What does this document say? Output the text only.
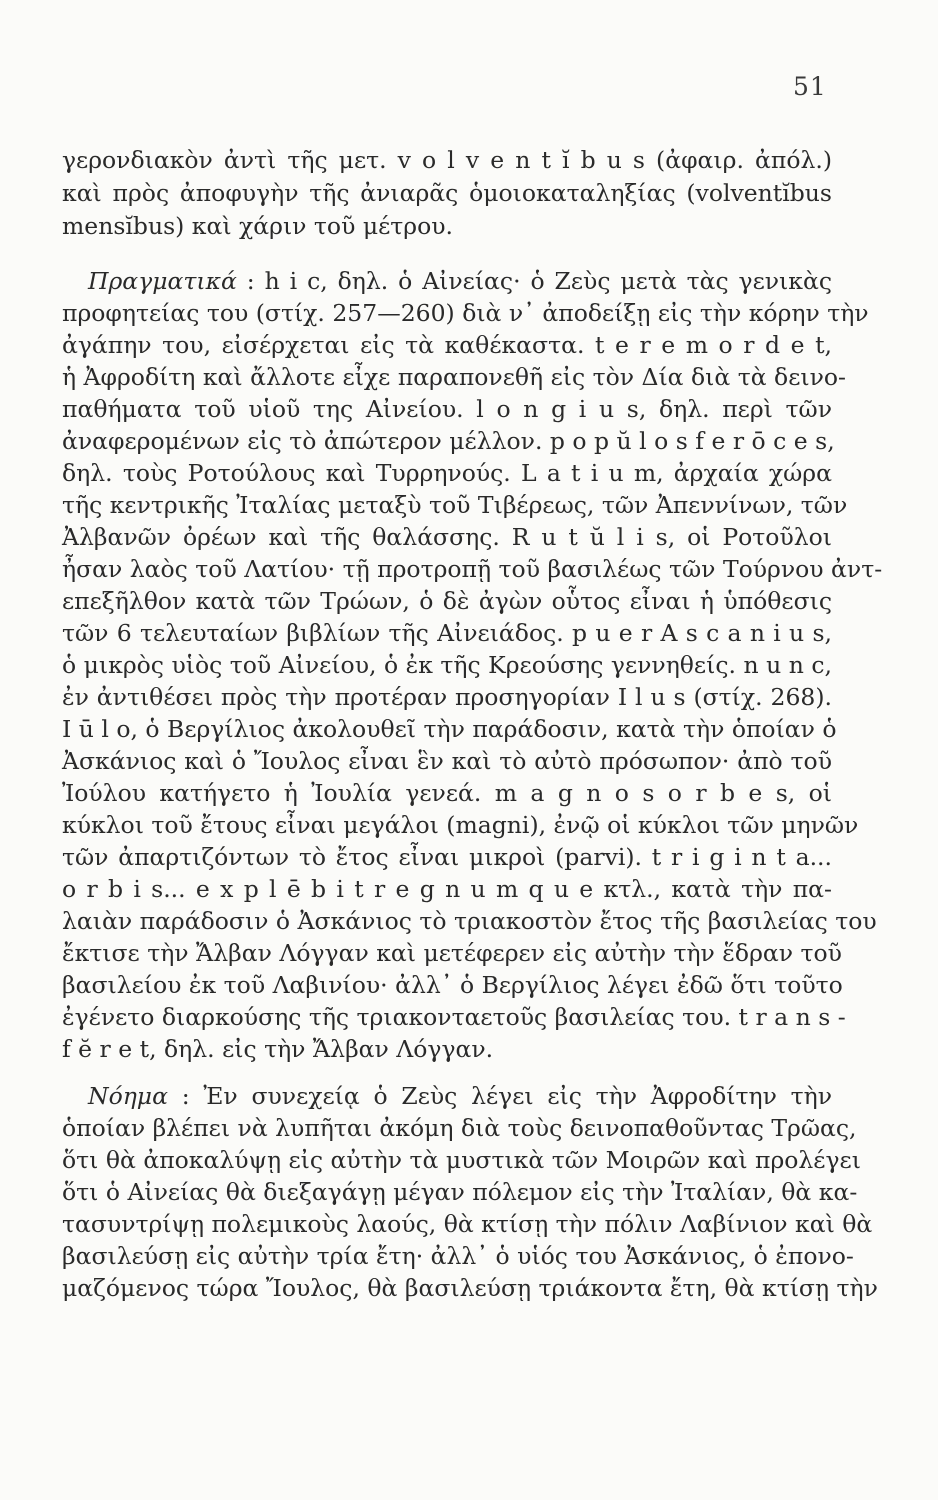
51
γερονδιακὸν ἀντὶ τῆς μετ. v o l v e n t ĭ b u s (ἀφαιρ. ἀπόλ.)
καὶ πρὸς ἀποφυγὴν τῆς ἀνιαρᾶς ὁμοιοκαταληξίας (volventĭbus
mensĭbus) καὶ χάριν τοῦ μέτρου.
Πραγματικά : h i c, δηλ. ὁ Αἰνείας· ὁ Ζεὺς μετὰ τὰς γενικὰς
προφητείας του (στίχ. 257—260) διὰ ν᾽ ἀποδείξῃ εἰς τὴν κόρην τὴν
ἀγάπην του, εἰσέρχεται εἰς τὰ καθέκαστα. t e r e m o r d e t,
ἡ Ἀφροδίτη καὶ ἄλλοτε εἶχε παραπονεθῆ εἰς τὸν Δία διὰ τὰ δεινο-
παθήματα τοῦ υἱοῦ της Αἰνείου. l o n g i u s, δηλ. περὶ τῶν
ἀναφερομένων εἰς τὸ ἀπώτερον μέλλον. p o p ŭ l o s f e r ō c e s,
δηλ. τοὺς Ροτούλους καὶ Τυρρηνούς. L a t i u m, ἀρχαία χώρα
τῆς κεντρικῆς Ἰταλίας μεταξὺ τοῦ Τιβέρεως, τῶν Ἀπεννίνων, τῶν
Ἀλβανῶν ὀρέων καὶ τῆς θαλάσσης. R u t ŭ l i s, οἱ Ροτοῦλοι
ἦσαν λαὸς τοῦ Λατίου· τῇ προτροπῇ τοῦ βασιλέως τῶν Τούρνου ἀντ-
επεξῆλθον κατὰ τῶν Τρώων, ὁ δὲ ἀγὼν οὗτος εἶναι ἡ ὑπόθεσις
τῶν 6 τελευταίων βιβλίων τῆς Αἰνειάδος. p u e r A s c a n i u s,
ὁ μικρὸς υἱὸς τοῦ Αἰνείου, ὁ ἐκ τῆς Κρεούσης γεννηθείς. n u n c,
ἐν ἀντιθέσει πρὸς τὴν προτέραν προσηγορίαν I l u s (στίχ. 268).
I ū l o, ὁ Βεργίλιος ἀκολουθεῖ τὴν παράδοσιν, κατὰ τὴν ὁποίαν ὁ
Ἀσκάνιος καὶ ὁ Ἴουλος εἶναι ἓν καὶ τὸ αὐτὸ πρόσωπον· ἀπὸ τοῦ
Ἰούλου κατήγετο ἡ Ἰουλία γενεά. m a g n o s o r b e s, οἱ
κύκλοι τοῦ ἔτους εἶναι μεγάλοι (magni), ἐνῷ οἱ κύκλοι τῶν μηνῶν
τῶν ἀπαρτιζόντων τὸ ἔτος εἶναι μικροὶ (parvi). t r i g i n t a...
o r b i s... e x p l ē b i t r e g n u m q u e κτλ., κατὰ τὴν πα-
λαιὰν παράδοσιν ὁ Ἀσκάνιος τὸ τριακοστὸν ἔτος τῆς βασιλείας του
ἔκτισε τὴν Ἄλβαν Λόγγαν καὶ μετέφερεν εἰς αὐτὴν τὴν ἕδραν τοῦ
βασιλείου ἐκ τοῦ Λαβινίου· ἀλλ᾽ ὁ Βεργίλιος λέγει ἐδῶ ὅτι τοῦτο
ἐγένετο διαρκούσης τῆς τριακονταετοῦς βασιλείας του. t r a n s -
f ĕ r e t, δηλ. εἰς τὴν Ἄλβαν Λόγγαν.
Νόημα : Ἐν συνεχείᾳ ὁ Ζεὺς λέγει εἰς τὴν Ἀφροδίτην τὴν
ὁποίαν βλέπει νὰ λυπῆται ἀκόμη διὰ τοὺς δεινοπαθοῦντας Τρῶας,
ὅτι θὰ ἀποκαλύψῃ εἰς αὐτὴν τὰ μυστικὰ τῶν Μοιρῶν καὶ προλέγει
ὅτι ὁ Αἰνείας θὰ διεξαγάγῃ μέγαν πόλεμον εἰς τὴν Ἰταλίαν, θὰ κα-
τασυντρίψῃ πολεμικοὺς λαούς, θὰ κτίσῃ τὴν πόλιν Λαβίνιον καὶ θὰ
βασιλεύσῃ εἰς αὐτὴν τρία ἔτη· ἀλλ᾽ ὁ υἱός του Ἀσκάνιος, ὁ ἐπονο-
μαζόμενος τώρα Ἴουλος, θὰ βασιλεύσῃ τριάκοντα ἔτη, θὰ κτίσῃ τὴν
